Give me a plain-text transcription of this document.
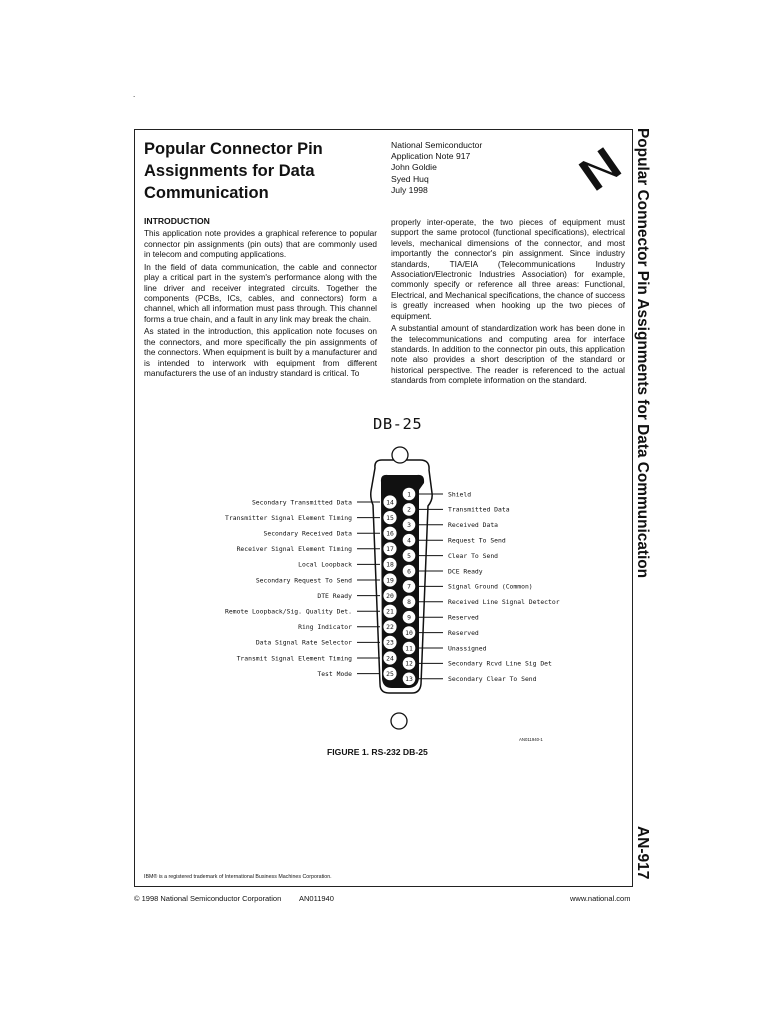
.
Popular Connector Pin
Assignments for Data
Communication
National Semiconductor
Application Note 917
John Goldie
Syed Huq
July 1998	Popular Connector Pin Assignments for Data Communication
AN-917
INTRODUCTION

This application note provides a graphical reference to popular connector pin assignments (pin outs) that are commonly used in telecom and computing applications.

In the field of data communication, the cable and connector play a critical part in the system's performance along with the line driver and receiver integrated circuits. Together the components (PCBs, ICs, cables, and connectors) form a channel, which all information must pass through. This channel forms a true chain, and a fault in any link may break the chain.

As stated in the introduction, this application note focuses on the connectors, and more specifically the pin assignments of the connectors. When equipment is built by a manufacturer and is intended to interwork with equipment from different manufacturers the use of an industry standard is critical. To

properly inter-operate, the two pieces of equipment must support the same protocol (functional specifications), electrical levels, mechanical dimensions of the connector, and most importantly the connector's pin assignment. Since industry standards, TIA/EIA (Telecommunications Industry Association/Electronic Industries Association) for example, commonly specify or reference all three areas: Functional, Electrical, and Mechanical specifications, the chance of success is greatly increased when hooking up the two pieces of equipment.

A substantial amount of standardization work has been done in the telecommunications and computing area for interface standards. In addition to the connector pin outs, this application note also provides a short description of the standard or historical perspective. The reader is referenced to the actual standards from complete information on the standard.

DB-25
1	Shield
2	Transmitted Data
3	Received Data
4	Request To Send
5	Clear To Send
6	DCE Ready
7	Signal Ground (Common)
8	Received Line Signal Detector
9	Reserved
10	Reserved
11	Unassigned
12	Secondary Rcvd Line Sig Det
13	Secondary Clear To Send
14
Secondary Transmitted Data
15
Transmitter Signal Element Timing
16
Secondary Received Data
17
Receiver Signal Element Timing
18
Local Loopback
19
Secondary Request To Send
20
DTE Ready
21
Remote Loopback/Sig. Quality Det.
22
Ring Indicator
23
Data Signal Rate Selector
24
Transmit Signal Element Timing
25
Test Mode
FIGURE 1. RS-232 DB-25
AN011940-1
IBM® is a registered trademark of International Business Machines Corporation.
© 1998 National Semiconductor Corporation AN011940	www.national.com
